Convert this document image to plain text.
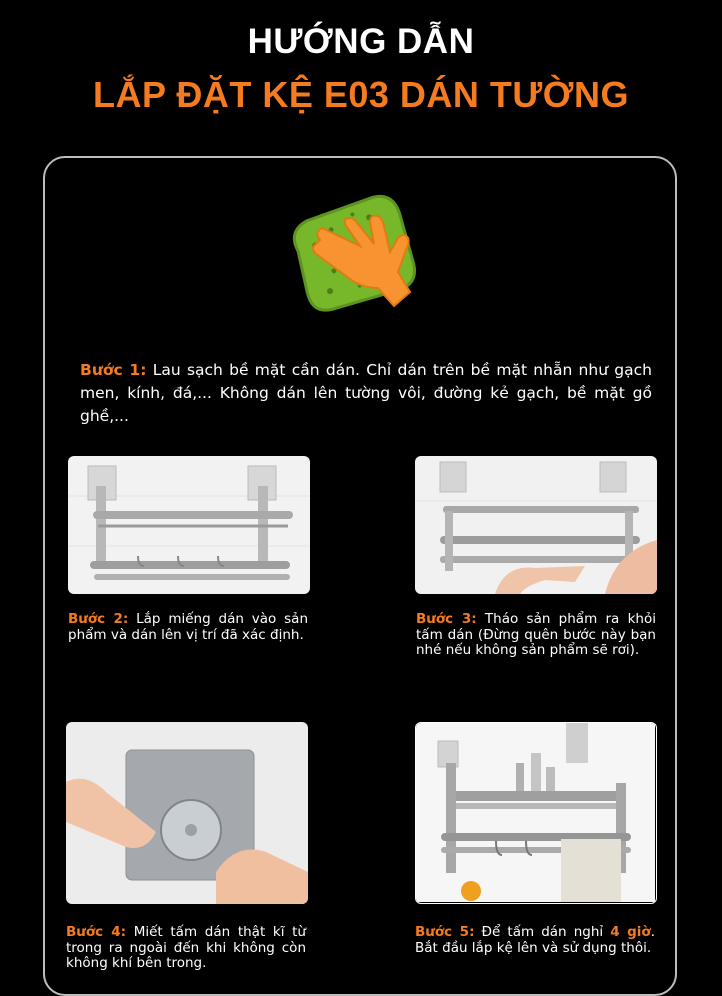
HƯỚNG DẪN
LẮP ĐẶT KỆ E03 DÁN TƯỜNG
Bước 1: Lau sạch bề mặt cần dán. Chỉ dán trên bề mặt nhẵn như gạch men, kính, đá,... Không dán lên tường vôi, đường kẻ gạch, bề mặt gồ ghề,...
Bước 2: Lắp miếng dán vào sản phẩm và dán lên vị trí đã xác định.
Bước 3: Tháo sản phẩm ra khỏi tấm dán (Đừng quên bước này bạn nhé nếu không sản phẩm sẽ rơi).
Bước 4: Miết tấm dán thật kĩ từ trong ra ngoài đến khi không còn không khí bên trong.
Bước 5: Để tấm dán nghỉ 4 giờ. Bắt đầu lắp kệ lên và sử dụng thôi.
